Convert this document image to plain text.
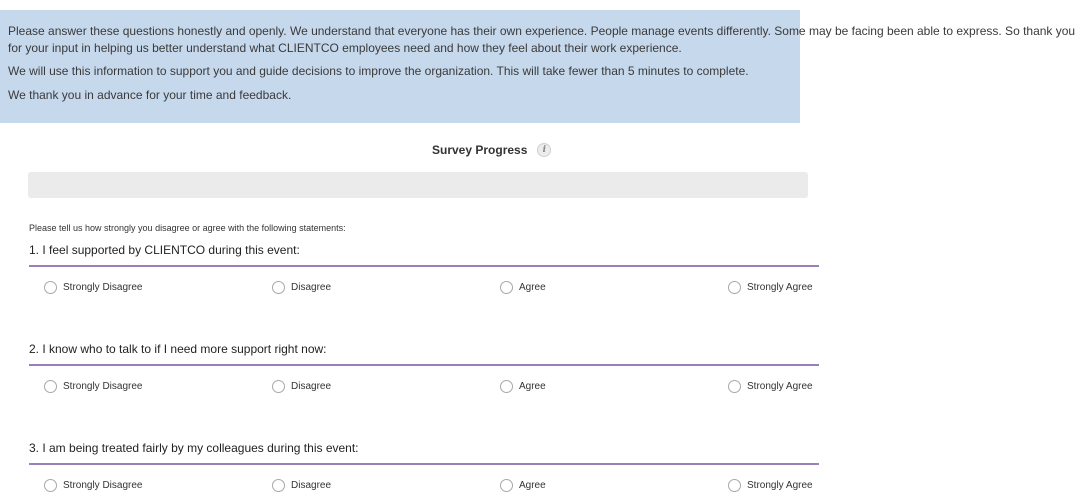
Please answer these questions honestly and openly. We understand that everyone has their own experience. People manage events differently. Some may be facing been able to express. So thank you for your input in helping us better understand what CLIENTCO employees need and how they feel about their work experience.

We will use this information to support you and guide decisions to improve the organization. This will take fewer than 5 minutes to complete.

We thank you in advance for your time and feedback.

Survey Progress	i
Please tell us how strongly you disagree or agree with the following statements:
1. I feel supported by CLIENTCO during this event:
Strongly Disagree	Disagree	Agree	Strongly Agree
2. I know who to talk to if I need more support right now:
Strongly Disagree	Disagree	Agree	Strongly Agree
3. I am being treated fairly by my colleagues during this event:
Strongly Disagree	Disagree	Agree	Strongly Agree
